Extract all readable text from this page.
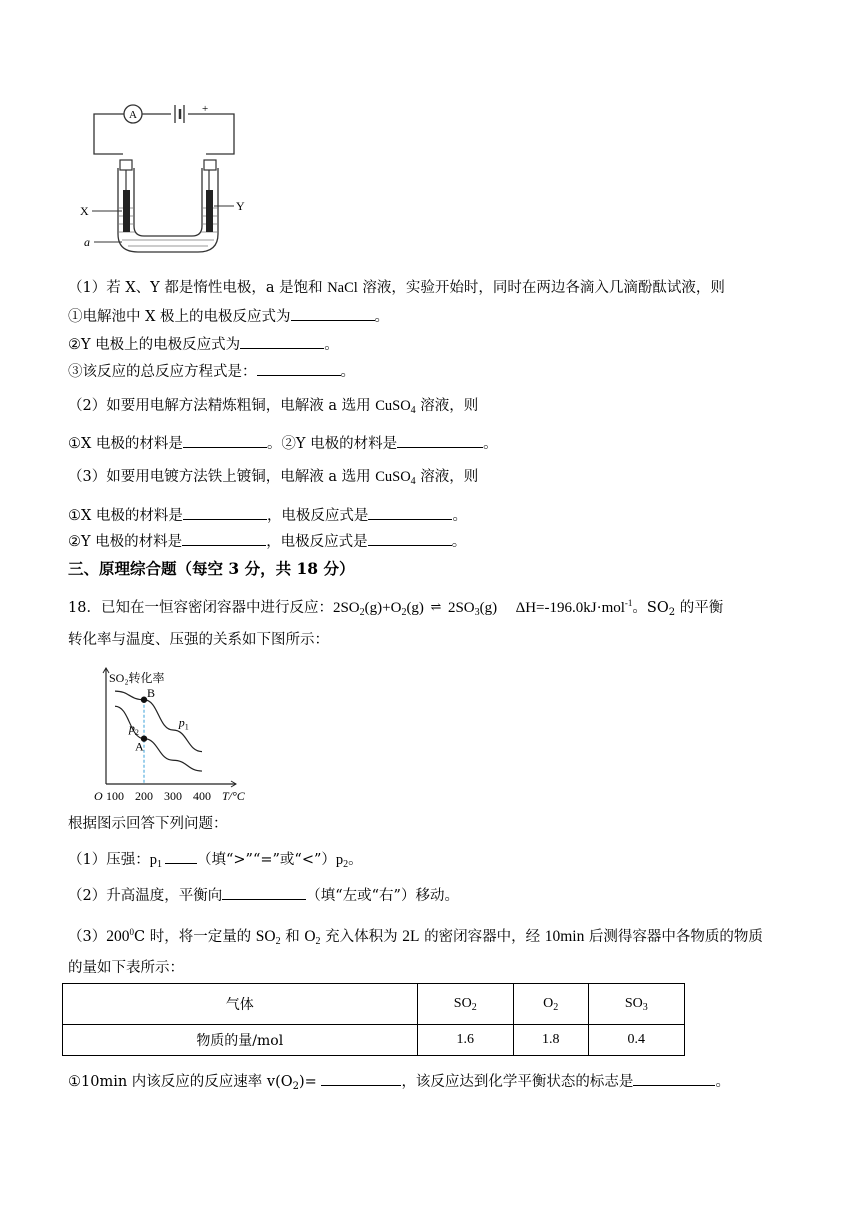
A	+
X	Y
a
（1）若 X、Y 都是惰性电极，a 是饱和 NaCl 溶液，实验开始时，同时在两边各滴入几滴酚酞试液，则
①电解池中 X 极上的电极反应式为	。
②Y 电极上的电极反应式为	。
③该反应的总反应方程式是：	。
（2）如要用电解方法精炼粗铜，电解液 a 选用 CuSO$_4$ 溶液，则
①X 电极的材料是	。②Y 电极的材料是	。
（3）如要用电镀方法铁上镀铜，电解液 a 选用 CuSO$_4$ 溶液，则
①X 电极的材料是	，电极反应式是	。
②Y 电极的材料是	，电极反应式是	。
三、原理综合题（每空 3 分，共 18 分）
18．已知在一恒容密闭容器中进行反应：$2SO_2(g)+O_2(g)$ ⇌ $2SO_3(g)$ ΔH=-196.0kJ·mol$^{-1}$。$SO_2$ 的平衡
转化率与温度、压强的关系如下图所示：
SO₂转化率
O 100 200 300 400 T/°C
p 1
p 2
B
A
根据图示回答下列问题：
（1）压强：$p_1$ （填“>”“=”或“$<”)p_2$。
（2）升高温度，平衡向	（填“左或“右”）移动。
$(3)200^0C$ 时，将一定量的 $SO_2$ 和 $O_2$ 充入体积为 2L 的密闭容器中，经 10min 后测得容器中各物质的物质
的量如下表所示：
气体	$SO_2$	$O_2$	$SO_3$
物质的量/mol	1.6	1.8	0.4
①10min 内该反应的反应速率 $v(O_2)=$	，该反应达到化学平衡状态的标志是	。
